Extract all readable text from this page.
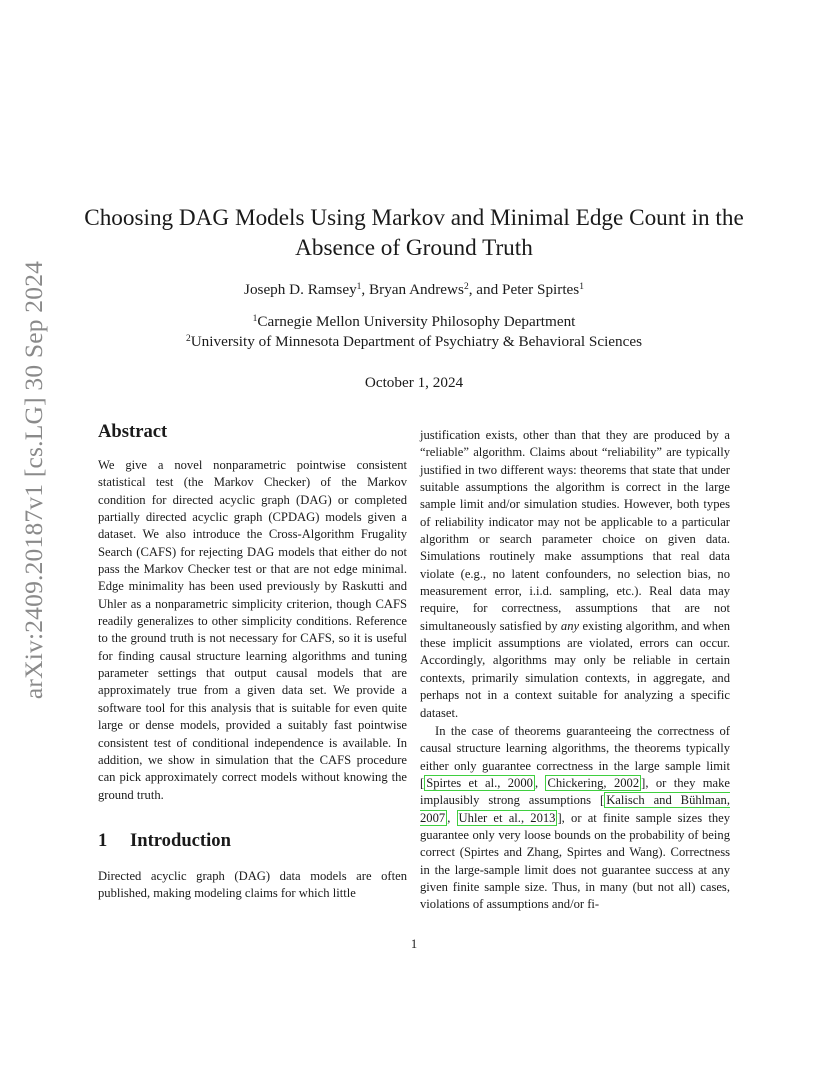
arXiv:2409.20187v1 [cs.LG] 30 Sep 2024
Choosing DAG Models Using Markov and Minimal Edge Count in the Absence of Ground Truth
Joseph D. Ramsey$^1$, Bryan Andrews$^2$, and Peter Spirtes$^1$
$^1$Carnegie Mellon University Philosophy Department
$^2$University of Minnesota Department of Psychiatry & Behavioral Sciences
October 1, 2024
Abstract

We give a novel nonparametric pointwise consistent statistical test (the Markov Checker) of the Markov condition for directed acyclic graph (DAG) or completed partially directed acyclic graph (CPDAG) models given a dataset. We also introduce the Cross-Algorithm Frugality Search (CAFS) for rejecting DAG models that either do not pass the Markov Checker test or that are not edge minimal. Edge minimality has been used previously by Raskutti and Uhler as a nonparametric simplicity criterion, though CAFS readily generalizes to other simplicity conditions. Reference to the ground truth is not necessary for CAFS, so it is useful for finding causal structure learning algorithms and tuning parameter settings that output causal models that are approximately true from a given data set. We provide a software tool for this analysis that is suitable for even quite large or dense models, provided a suitably fast pointwise consistent test of conditional independence is available. In addition, we show in simulation that the CAFS procedure can pick approximately correct models without knowing the ground truth.

1 Introduction

Directed acyclic graph (DAG) data models are often published, making modeling claims for which little

justification exists, other than that they are produced by a “reliable” algorithm. Claims about “reliability” are typically justified in two different ways: theorems that state that under suitable assumptions the algorithm is correct in the large sample limit and/or simulation studies. However, both types of reliability indicator may not be applicable to a particular algorithm or search parameter choice on given data. Simulations routinely make assumptions that real data violate (e.g., no latent confounders, no selection bias, no measurement error, i.i.d. sampling, etc.). Real data may require, for correctness, assumptions that are not simultaneously satisfied by any existing algorithm, and when these implicit assumptions are violated, errors can occur. Accordingly, algorithms may only be reliable in certain contexts, primarily simulation contexts, in aggregate, and perhaps not in a context suitable for analyzing a specific dataset.

In the case of theorems guaranteeing the correctness of causal structure learning algorithms, the theorems typically either only guarantee correctness in the large sample limit [ Spirtes et al., 2000 , Chickering, 2002 ], or they make implausibly strong assumptions [ Kalisch and Bühlman, 2007 , Uhler et al., 2013 ], or at finite sample sizes they guarantee only very loose bounds on the probability of being correct (Spirtes and Zhang, Spirtes and Wang). Correctness in the large-sample limit does not guarantee success at any given finite sample size. Thus, in many (but not all) cases, violations of assumptions and/or fi-

1
